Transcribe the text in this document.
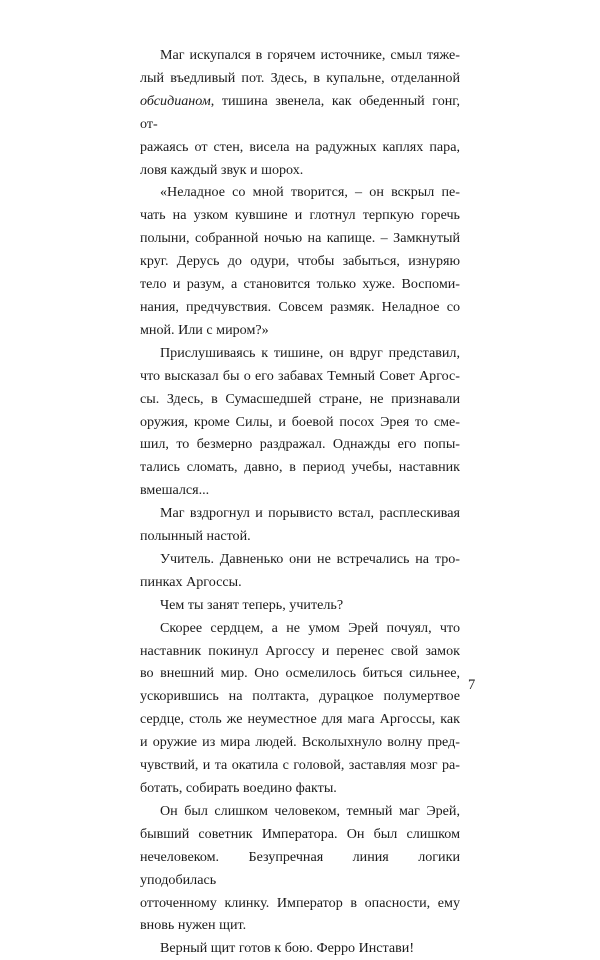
Маг искупался в горячем источнике, смыл тяже-
лый въедливый пот. Здесь, в купальне, отделанной
обсидианом, тишина звенела, как обеденный гонг, от-
ражаясь от стен, висела на радужных каплях пара,
ловя каждый звук и шорох.
«Неладное со мной творится, – он вскрыл пе-
чать на узком кувшине и глотнул терпкую горечь
полыни, собранной ночью на капище. – Замкнутый
круг. Дерусь до одури, чтобы забыться, изнуряю
тело и разум, а становится только хуже. Воспоми-
нания, предчувствия. Совсем размяк. Неладное со
мной. Или с миром?»
Прислушиваясь к тишине, он вдруг представил,
что высказал бы о его забавах Темный Совет Аргос-
сы. Здесь, в Сумасшедшей стране, не признавали
оружия, кроме Силы, и боевой посох Эрея то сме-
шил, то безмерно раздражал. Однажды его попы-
тались сломать, давно, в период учебы, наставник
вмешался...
Маг вздрогнул и порывисто встал, расплескивая
полынный настой.
Учитель. Давненько они не встречались на тро-
пинках Аргоссы.
Чем ты занят теперь, учитель?
Скорее сердцем, а не умом Эрей почуял, что
наставник покинул Аргоссу и перенес свой замок
во внешний мир. Оно осмелилось биться сильнее,
ускорившись на полтакта, дурацкое полумертвое
сердце, столь же неуместное для мага Аргоссы, как
и оружие из мира людей. Всколыхнуло волну пред-
чувствий, и та окатила с головой, заставляя мозг ра-
ботать, собирать воедино факты.
Он был слишком человеком, темный маг Эрей,
бывший советник Императора. Он был слишком
нечеловеком. Безупречная линия логики уподобилась
отточенному клинку. Император в опасности, ему
вновь нужен щит.
Верный щит готов к бою. Ферро Инстави!
7
